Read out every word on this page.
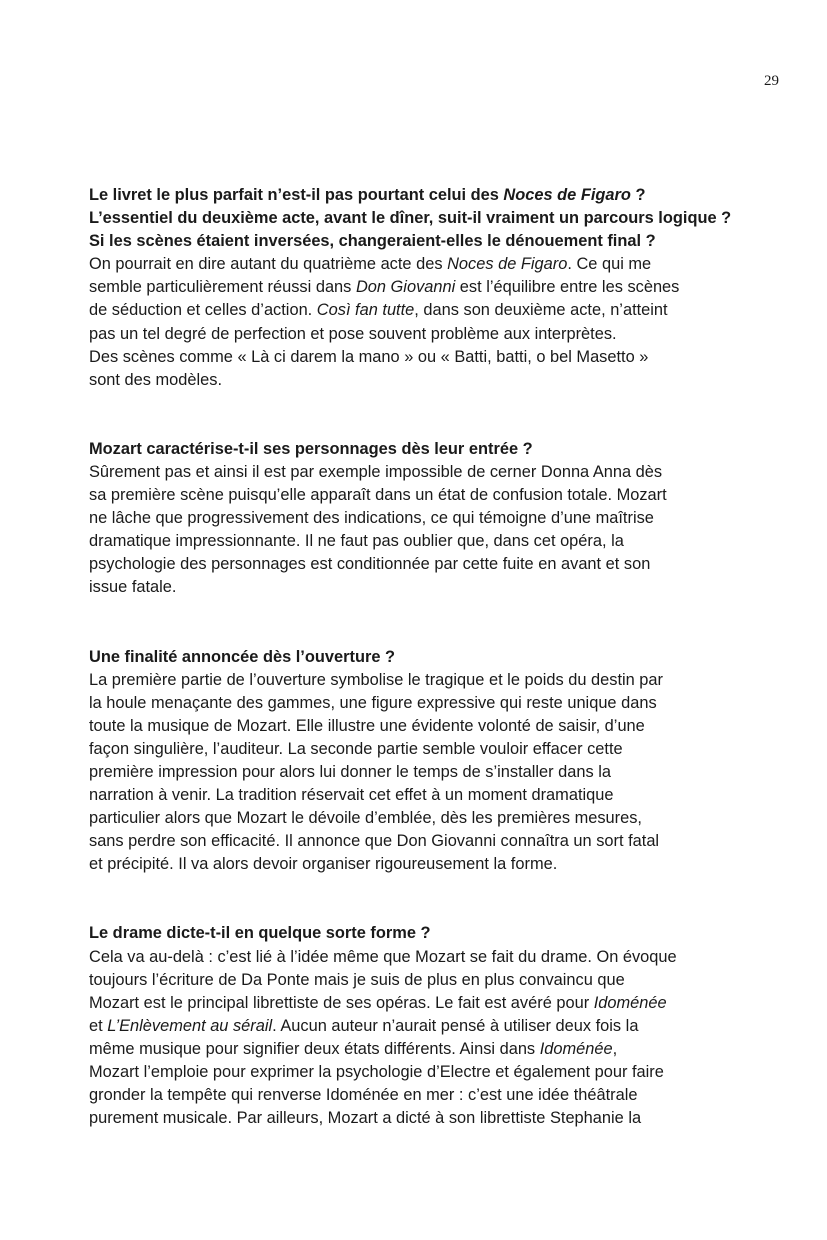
29
Le livret le plus parfait n’est-il pas pourtant celui des Noces de Figaro ?
L’essentiel du deuxième acte, avant le dîner, suit-il vraiment un parcours logique ?
Si les scènes étaient inversées, changeraient-elles le dénouement final ?

On pourrait en dire autant du quatrième acte des Noces de Figaro. Ce qui me
semble particulièrement réussi dans Don Giovanni est l’équilibre entre les scènes
de séduction et celles d’action. Così fan tutte, dans son deuxième acte, n’atteint
pas un tel degré de perfection et pose souvent problème aux interprètes.

Des scènes comme « Là ci darem la mano » ou « Batti, batti, o bel Masetto »
sont des modèles.

Mozart caractérise-t-il ses personnages dès leur entrée ?

Sûrement pas et ainsi il est par exemple impossible de cerner Donna Anna dès
sa première scène puisqu’elle apparaît dans un état de confusion totale. Mozart
ne lâche que progressivement des indications, ce qui témoigne d’une maîtrise
dramatique impressionnante. Il ne faut pas oublier que, dans cet opéra, la
psychologie des personnages est conditionnée par cette fuite en avant et son
issue fatale.

Une finalité annoncée dès l’ouverture ?

La première partie de l’ouverture symbolise le tragique et le poids du destin par
la houle menaçante des gammes, une figure expressive qui reste unique dans
toute la musique de Mozart. Elle illustre une évidente volonté de saisir, d’une
façon singulière, l’auditeur. La seconde partie semble vouloir effacer cette
première impression pour alors lui donner le temps de s’installer dans la
narration à venir. La tradition réservait cet effet à un moment dramatique
particulier alors que Mozart le dévoile d’emblée, dès les premières mesures,
sans perdre son efficacité. Il annonce que Don Giovanni connaîtra un sort fatal
et précipité. Il va alors devoir organiser rigoureusement la forme.

Le drame dicte-t-il en quelque sorte forme ?

Cela va au-delà : c’est lié à l’idée même que Mozart se fait du drame. On évoque
toujours l’écriture de Da Ponte mais je suis de plus en plus convaincu que
Mozart est le principal librettiste de ses opéras. Le fait est avéré pour Idoménée
et L’Enlèvement au sérail. Aucun auteur n’aurait pensé à utiliser deux fois la
même musique pour signifier deux états différents. Ainsi dans Idoménée,
Mozart l’emploie pour exprimer la psychologie d’Electre et également pour faire
gronder la tempête qui renverse Idoménée en mer : c’est une idée théâtrale
purement musicale. Par ailleurs, Mozart a dicté à son librettiste Stephanie la
